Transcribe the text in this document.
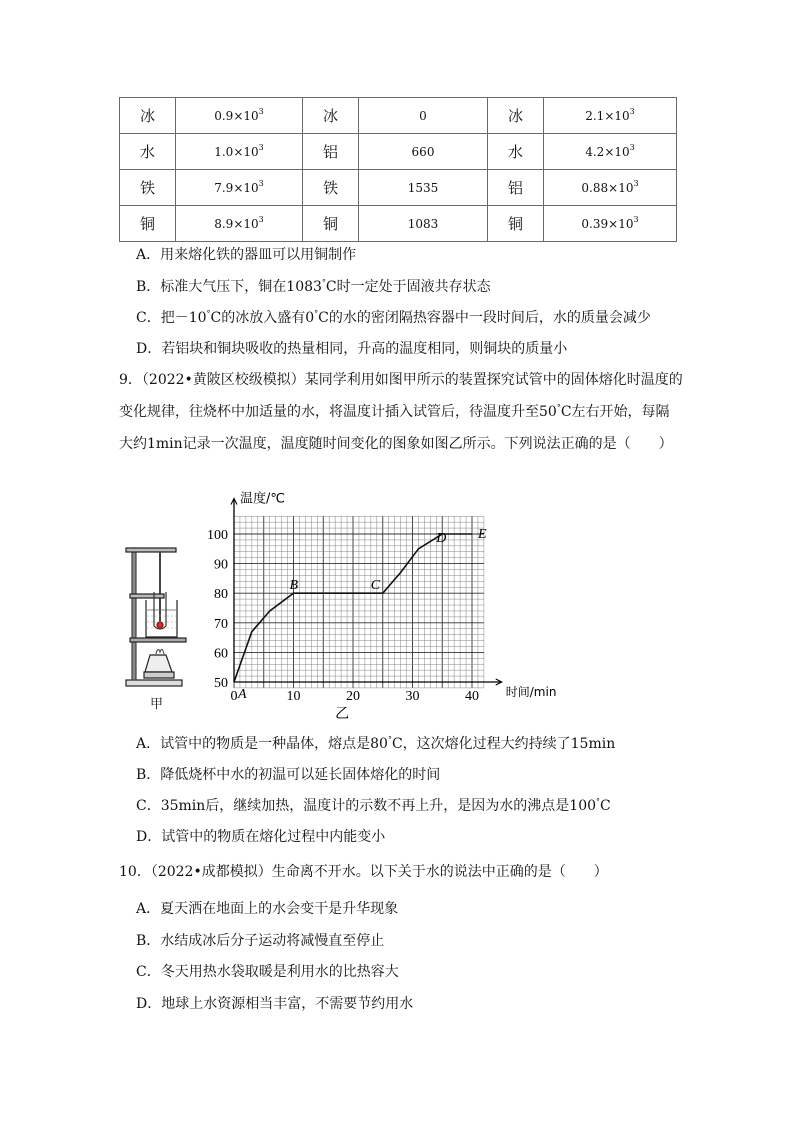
冰	$0.9\times 10^3$	冰	0	冰	$2.1\times 10^3$
水	$1.0\times 10^3$	铝	660	水	$4.2\times 10^3$
铁	$7.9\times 10^3$	铁	1535	铝	$0.88\times 10^3$
铜	$8.9\times 10^3$	铜	1083	铜	$0.39\times 10^3$
A．用来熔化铁的器皿可以用铜制作
B．标准大气压下，铜在1083°C时一定处于固液共存状态
C．把－10°C的冰放入盛有0°C的水的密闭隔热容器中一段时间后，水的质量会减少
D．若铝块和铜块吸收的热量相同，升高的温度相同，则铜块的质量小
9．（2022•黄陂区校级模拟）某同学利用如图甲所示的装置探究试管中的固体熔化时温度的
变化规律，往烧杯中加适量的水，将温度计插入试管后，待温度升至50°C左右开始，每隔
大约1min记录一次温度，温度随时间变化的图象如图乙所示。下列说法正确的是（　　）
甲
50
60
70
80
90
100
0	10	20	30	40
温度/℃
时间/min
A
B	C
D E
乙
A．试管中的物质是一种晶体，熔点是80°C，这次熔化过程大约持续了15min
B．降低烧杯中水的初温可以延长固体熔化的时间
C．35min后，继续加热，温度计的示数不再上升，是因为水的沸点是100°C
D．试管中的物质在熔化过程中内能变小
10．（2022•成都模拟）生命离不开水。以下关于水的说法中正确的是（　　）
A．夏天洒在地面上的水会变干是升华现象
B．水结成冰后分子运动将减慢直至停止
C．冬天用热水袋取暖是利用水的比热容大
D．地球上水资源相当丰富，不需要节约用水
